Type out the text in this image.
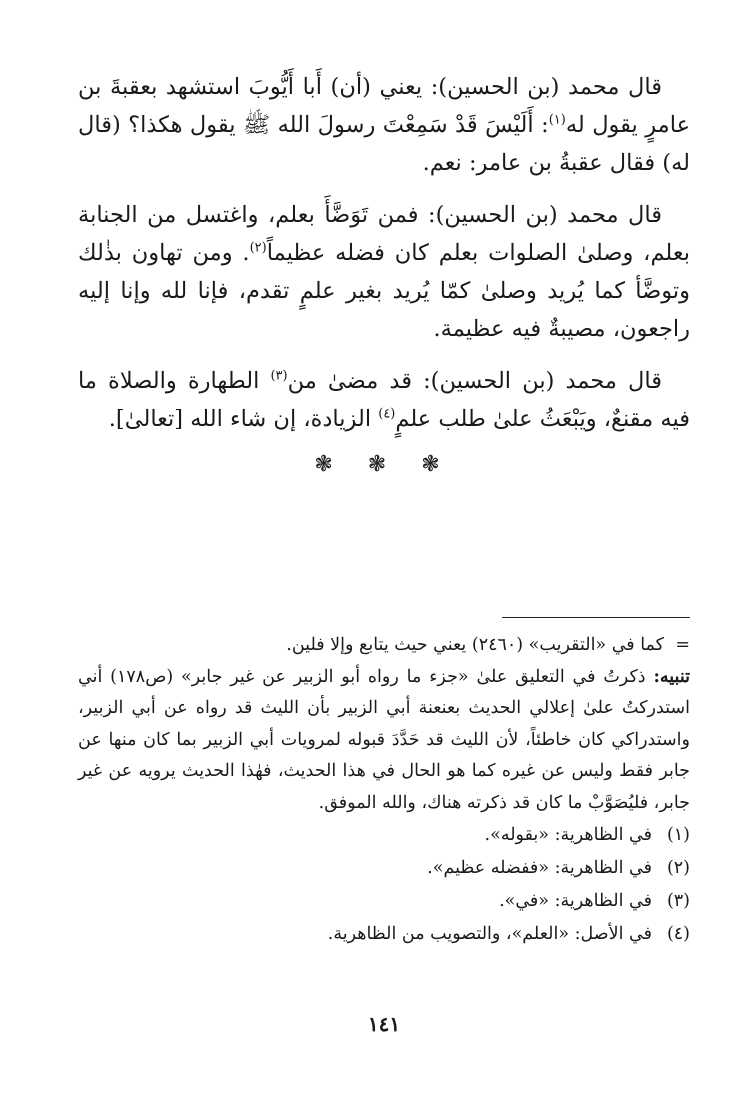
قال محمد (بن الحسين): يعني (أن) أَبا أَيُّوبَ استشهد بعقبةَ بن عامرٍ يقول له$^{(١)}$: أَلَيْسَ قَدْ سَمِعْتَ رسولَ الله ﷺ يقول هكذا؟ (قال له) فقال عقبةُ بن عامر: نعم.

قال محمد (بن الحسين): فمن تَوَضَّأَ بعلم، واغتسل من الجنابة بعلم، وصلىٰ الصلوات بعلم كان فضله عظيماً$^{(٢)}$. ومن تهاون بذٰلك وتوضَّأ كما يُريد وصلىٰ كمّا يُريد بغير علمٍ تقدم، فإنا لله وإنا إليه راجعون، مصيبةٌ فيه عظيمة.

قال محمد (بن الحسين): قد مضىٰ من$^{(٣)}$ الطهارة والصلاة ما فيه مقنعٌ، ويَبْعَثُ علىٰ طلب علمٍ$^{(٤)}$ الزيادة، إن شاء الله [تعالىٰ].

❃ ❃ ❃
=
كما في «التقريب» (٢٤٦٠) يعني حيث يتابع وإلا فلين.

تنبيه: ذكرتُ في التعليق علىٰ «جزء ما رواه أبو الزبير عن غير جابر» (ص١٧٨) أني استدركتُ علىٰ إعلالي الحديث بعنعنة أبي الزبير بأن الليث قد رواه عن أبي الزبير، واستدراكي كان خاطئاً، لأن الليث قد حَدَّدَ قبوله لمرويات أبي الزبير بما كان منها عن جابر فقط وليس عن غيره كما هو الحال في هذا الحديث، فهٰذا الحديث يرويه عن غير جابر، فليُصَوَّبْ ما كان قد ذكرته هناك، والله الموفق.

(١)في الظاهرية: «بقوله».

(٢)في الظاهرية: «ففضله عظيم».

(٣)في الظاهرية: «في».

(٤)في الأصل: «العلم»، والتصويب من الظاهرية.

١٤١
